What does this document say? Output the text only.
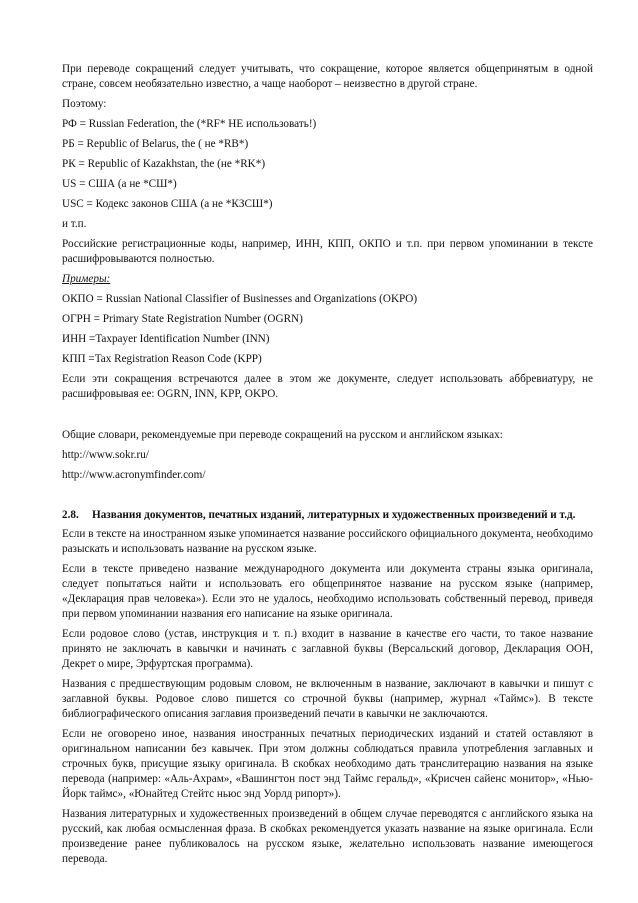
При переводе сокращений следует учитывать, что сокращение, которое является общепринятым в одной стране, совсем необязательно известно, а чаще наоборот – неизвестно в другой стране.

Поэтому:

РФ = Russian Federation, the (*RF* НЕ использовать!)

РБ = Republic of Belarus, the ( не *RB*)

РК = Republic of Kazakhstan, the (не *RK*)

US = США (а не *СШ*)

USC = Кодекс законов США (а не *КЗСШ*)

и т.п.

Российские регистрационные коды, например, ИНН, КПП, ОКПО и т.п. при первом упоминании в тексте расшифровываются полностью.

Примеры:

ОКПО = Russian National Classifier of Businesses and Organizations (OKPO)

ОГРН = Primary State Registration Number (OGRN)

ИНН =Taxpayer Identification Number (INN)

КПП =Tax Registration Reason Code (KPP)

Если эти сокращения встречаются далее в этом же документе, следует использовать аббревиатуру, не расшифровывая ее: OGRN, INN, KPP, OKPO.

Общие словари, рекомендуемые при переводе сокращений на русском и английском языках:

http://www.sokr.ru/

http://www.acronymfinder.com/

2.8. Названия документов, печатных изданий, литературных и художественных произведений и т.д.

Если в тексте на иностранном языке упоминается название российского официального документа, необходимо разыскать и использовать название на русском языке.

Если в тексте приведено название международного документа или документа страны языка оригинала, следует попытаться найти и использовать его общепринятое название на русском языке (например, «Декларация прав человека»). Если это не удалось, необходимо использовать собственный перевод, приведя при первом упоминании названия его написание на языке оригинала.

Если родовое слово (устав, инструкция и т. п.) входит в название в качестве его части, то такое название принято не заключать в кавычки и начинать с заглавной буквы (Версальский договор, Декларация ООН, Декрет о мире, Эрфуртская программа).

Названия с предшествующим родовым словом, не включенным в название, заключают в кавычки и пишут с заглавной буквы. Родовое слово пишется со строчной буквы (например, журнал «Таймс»). В тексте библиографического описания заглавия произведений печати в кавычки не заключаются.

Если не оговорено иное, названия иностранных печатных периодических изданий и статей оставляют в оригинальном написании без кавычек. При этом должны соблюдаться правила употребления заглавных и строчных букв, присущие языку оригинала. В скобках необходимо дать транслитерацию названия на языке перевода (например: «Аль-Ахрам», «Вашингтон пост энд Таймс геральд», «Крисчен сайенс монитор», «Нью-Йорк таймс», «Юнайтед Стейтс ньюс энд Уорлд рипорт»).

Названия литературных и художественных произведений в общем случае переводятся с английского языка на русский, как любая осмысленная фраза. В скобках рекомендуется указать название на языке оригинала. Если произведение ранее публиковалось на русском языке, желательно использовать название имеющегося перевода.
